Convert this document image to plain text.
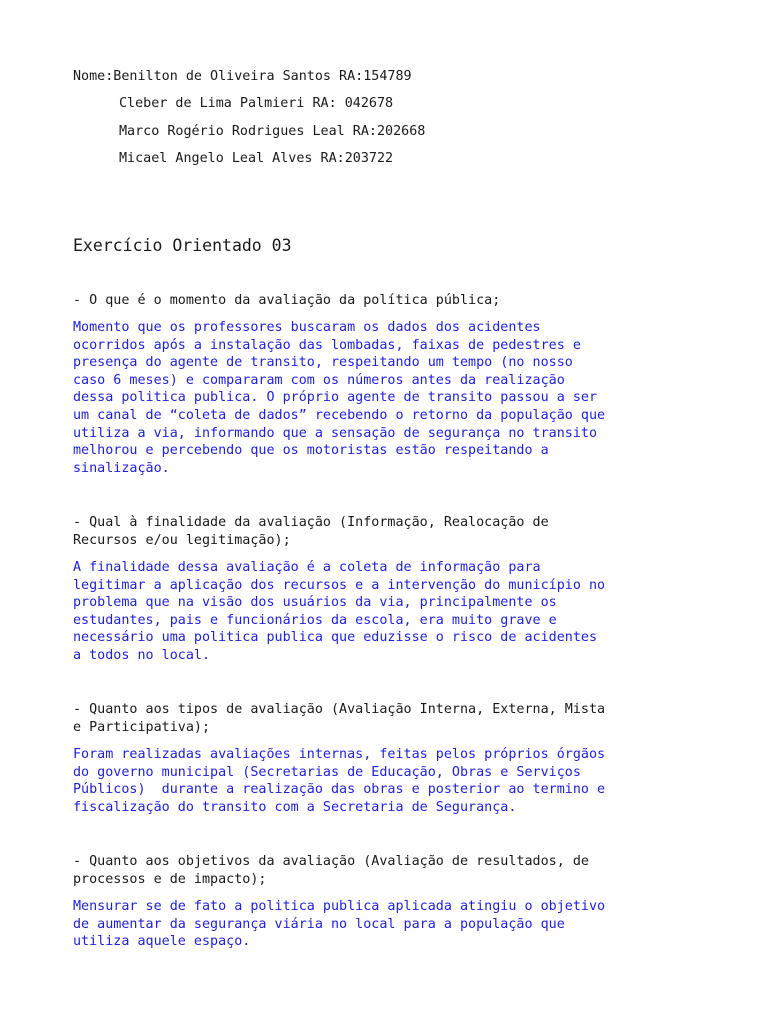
Nome:Benilton de Oliveira Santos RA:154789
Cleber de Lima Palmieri RA: 042678
Marco Rogério Rodrigues Leal RA:202668
Micael Angelo Leal Alves RA:203722
Exercício Orientado 03
- O que é o momento da avaliação da política pública;
Momento que os professores buscaram os dados dos acidentes
ocorridos após a instalação das lombadas, faixas de pedestres e
presença do agente de transito, respeitando um tempo (no nosso
caso 6 meses) e compararam com os números antes da realização
dessa politica publica. O próprio agente de transito passou a ser
um canal de “coleta de dados” recebendo o retorno da população que
utiliza a via, informando que a sensação de segurança no transito
melhorou e percebendo que os motoristas estão respeitando a
sinalização.
- Qual à finalidade da avaliação (Informação, Realocação de
Recursos e/ou legitimação);
A finalidade dessa avaliação é a coleta de informação para
legitimar a aplicação dos recursos e a intervenção do município no
problema que na visão dos usuários da via, principalmente os
estudantes, pais e funcionários da escola, era muito grave e
necessário uma politica publica que eduzisse o risco de acidentes
a todos no local.
- Quanto aos tipos de avaliação (Avaliação Interna, Externa, Mista
e Participativa);
Foram realizadas avaliações internas, feitas pelos próprios órgãos
do governo municipal (Secretarias de Educação, Obras e Serviços
Públicos)  durante a realização das obras e posterior ao termino e
fiscalização do transito com a Secretaria de Segurança.
- Quanto aos objetivos da avaliação (Avaliação de resultados, de
processos e de impacto);
Mensurar se de fato a politica publica aplicada atingiu o objetivo
de aumentar da segurança viária no local para a população que
utiliza aquele espaço.
